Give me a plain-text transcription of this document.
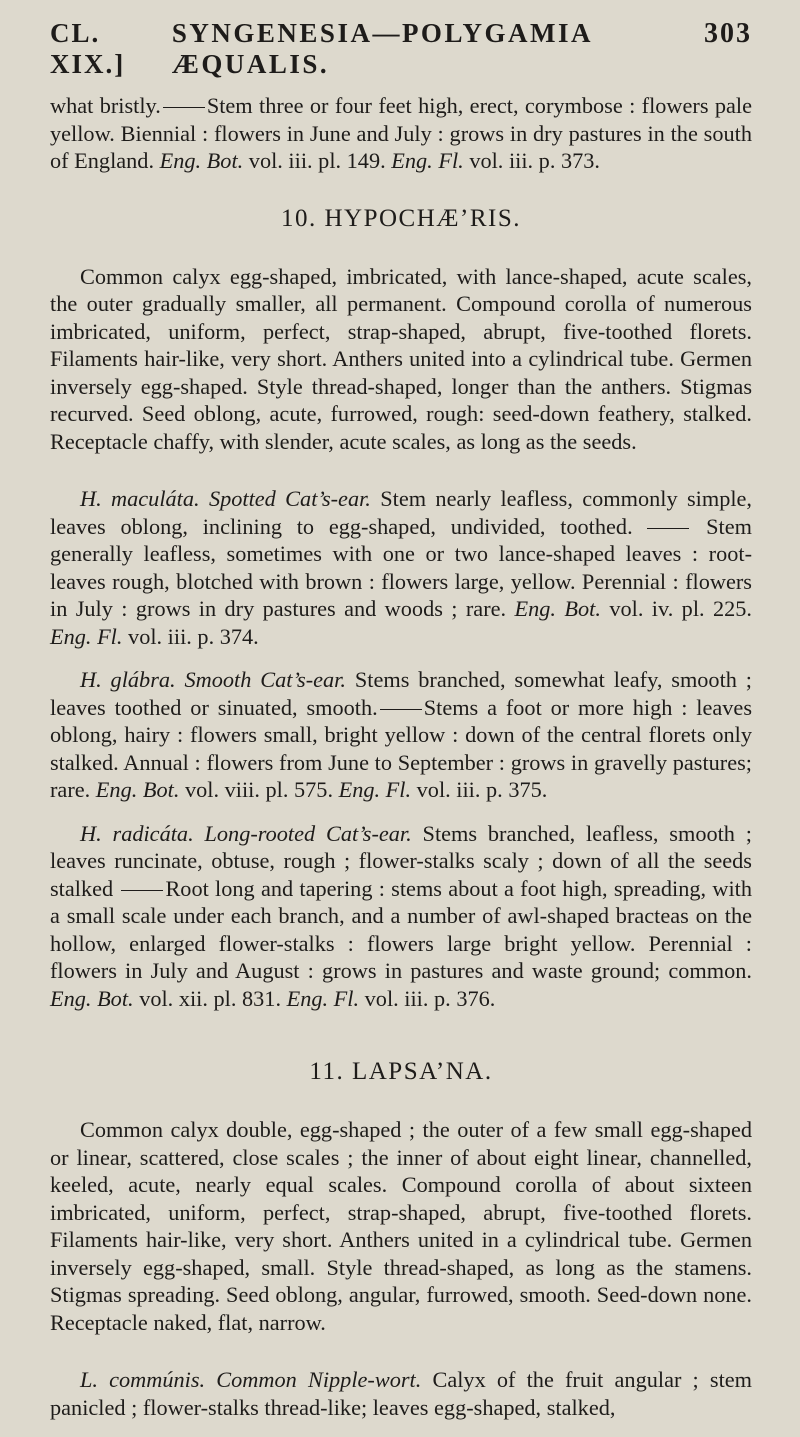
CL. XIX.]
SYNGENESIA—POLYGAMIA ÆQUALIS.
303

what bristly. Stem three or four feet high, erect, corymbose : flowers pale yellow. Biennial : flowers in June and July : grows in dry pastures in the south of England. Eng. Bot. vol. iii. pl. 149. Eng. Fl. vol. iii. p. 373.

10. HYPOCHÆ’RIS.

Common calyx egg-shaped, imbricated, with lance-shaped, acute scales, the outer gradually smaller, all permanent. Compound corolla of numerous imbricated, uniform, perfect, strap-shaped, abrupt, five-toothed florets. Filaments hair-like, very short. Anthers united into a cylindrical tube. Germen inversely egg-shaped. Style thread-shaped, longer than the anthers. Stigmas recurved. Seed oblong, acute, furrowed, rough: seed-down feathery, stalked. Receptacle chaffy, with slender, acute scales, as long as the seeds.

H. maculáta. Spotted Cat’s-ear. Stem nearly leafless, commonly simple, leaves oblong, inclining to egg-shaped, undivided, toothed.	Stem generally leafless, sometimes with one or two lance-shaped leaves : root-leaves rough, blotched with brown : flowers large, yellow. Perennial : flowers in July : grows in dry pastures and woods ; rare. Eng. Bot. vol. iv. pl. 225. Eng. Fl. vol. iii. p. 374.

H. glábra. Smooth Cat’s-ear. Stems branched, somewhat leafy, smooth ; leaves toothed or sinuated, smooth. Stems a foot or more high : leaves oblong, hairy : flowers small, bright yellow : down of the central florets only stalked. Annual : flowers from June to September : grows in gravelly pastures; rare. Eng. Bot. vol. viii. pl. 575. Eng. Fl. vol. iii. p. 375.

H. radicáta. Long-rooted Cat’s-ear. Stems branched, leafless, smooth ; leaves runcinate, obtuse, rough ; flower-stalks scaly ; down of all the seeds stalked Root long and tapering : stems about a foot high, spreading, with a small scale under each branch, and a number of awl-shaped bracteas on the hollow, enlarged flower-stalks : flowers large bright yellow. Perennial : flowers in July and August : grows in pastures and waste ground; common. Eng. Bot. vol. xii. pl. 831. Eng. Fl. vol. iii. p. 376.

11. LAPSA’NA.

Common calyx double, egg-shaped ; the outer of a few small egg-shaped or linear, scattered, close scales ; the inner of about eight linear, channelled, keeled, acute, nearly equal scales. Compound corolla of about sixteen imbricated, uniform, perfect, strap-shaped, abrupt, five-toothed florets. Filaments hair-like, very short. Anthers united in a cylindrical tube. Germen inversely egg-shaped, small. Style thread-shaped, as long as the stamens. Stigmas spreading. Seed oblong, angular, furrowed, smooth. Seed-down none. Receptacle naked, flat, narrow.

L. commúnis. Common Nipple-wort. Calyx of the fruit angular ; stem panicled ; flower-stalks thread-like; leaves egg-shaped, stalked,
